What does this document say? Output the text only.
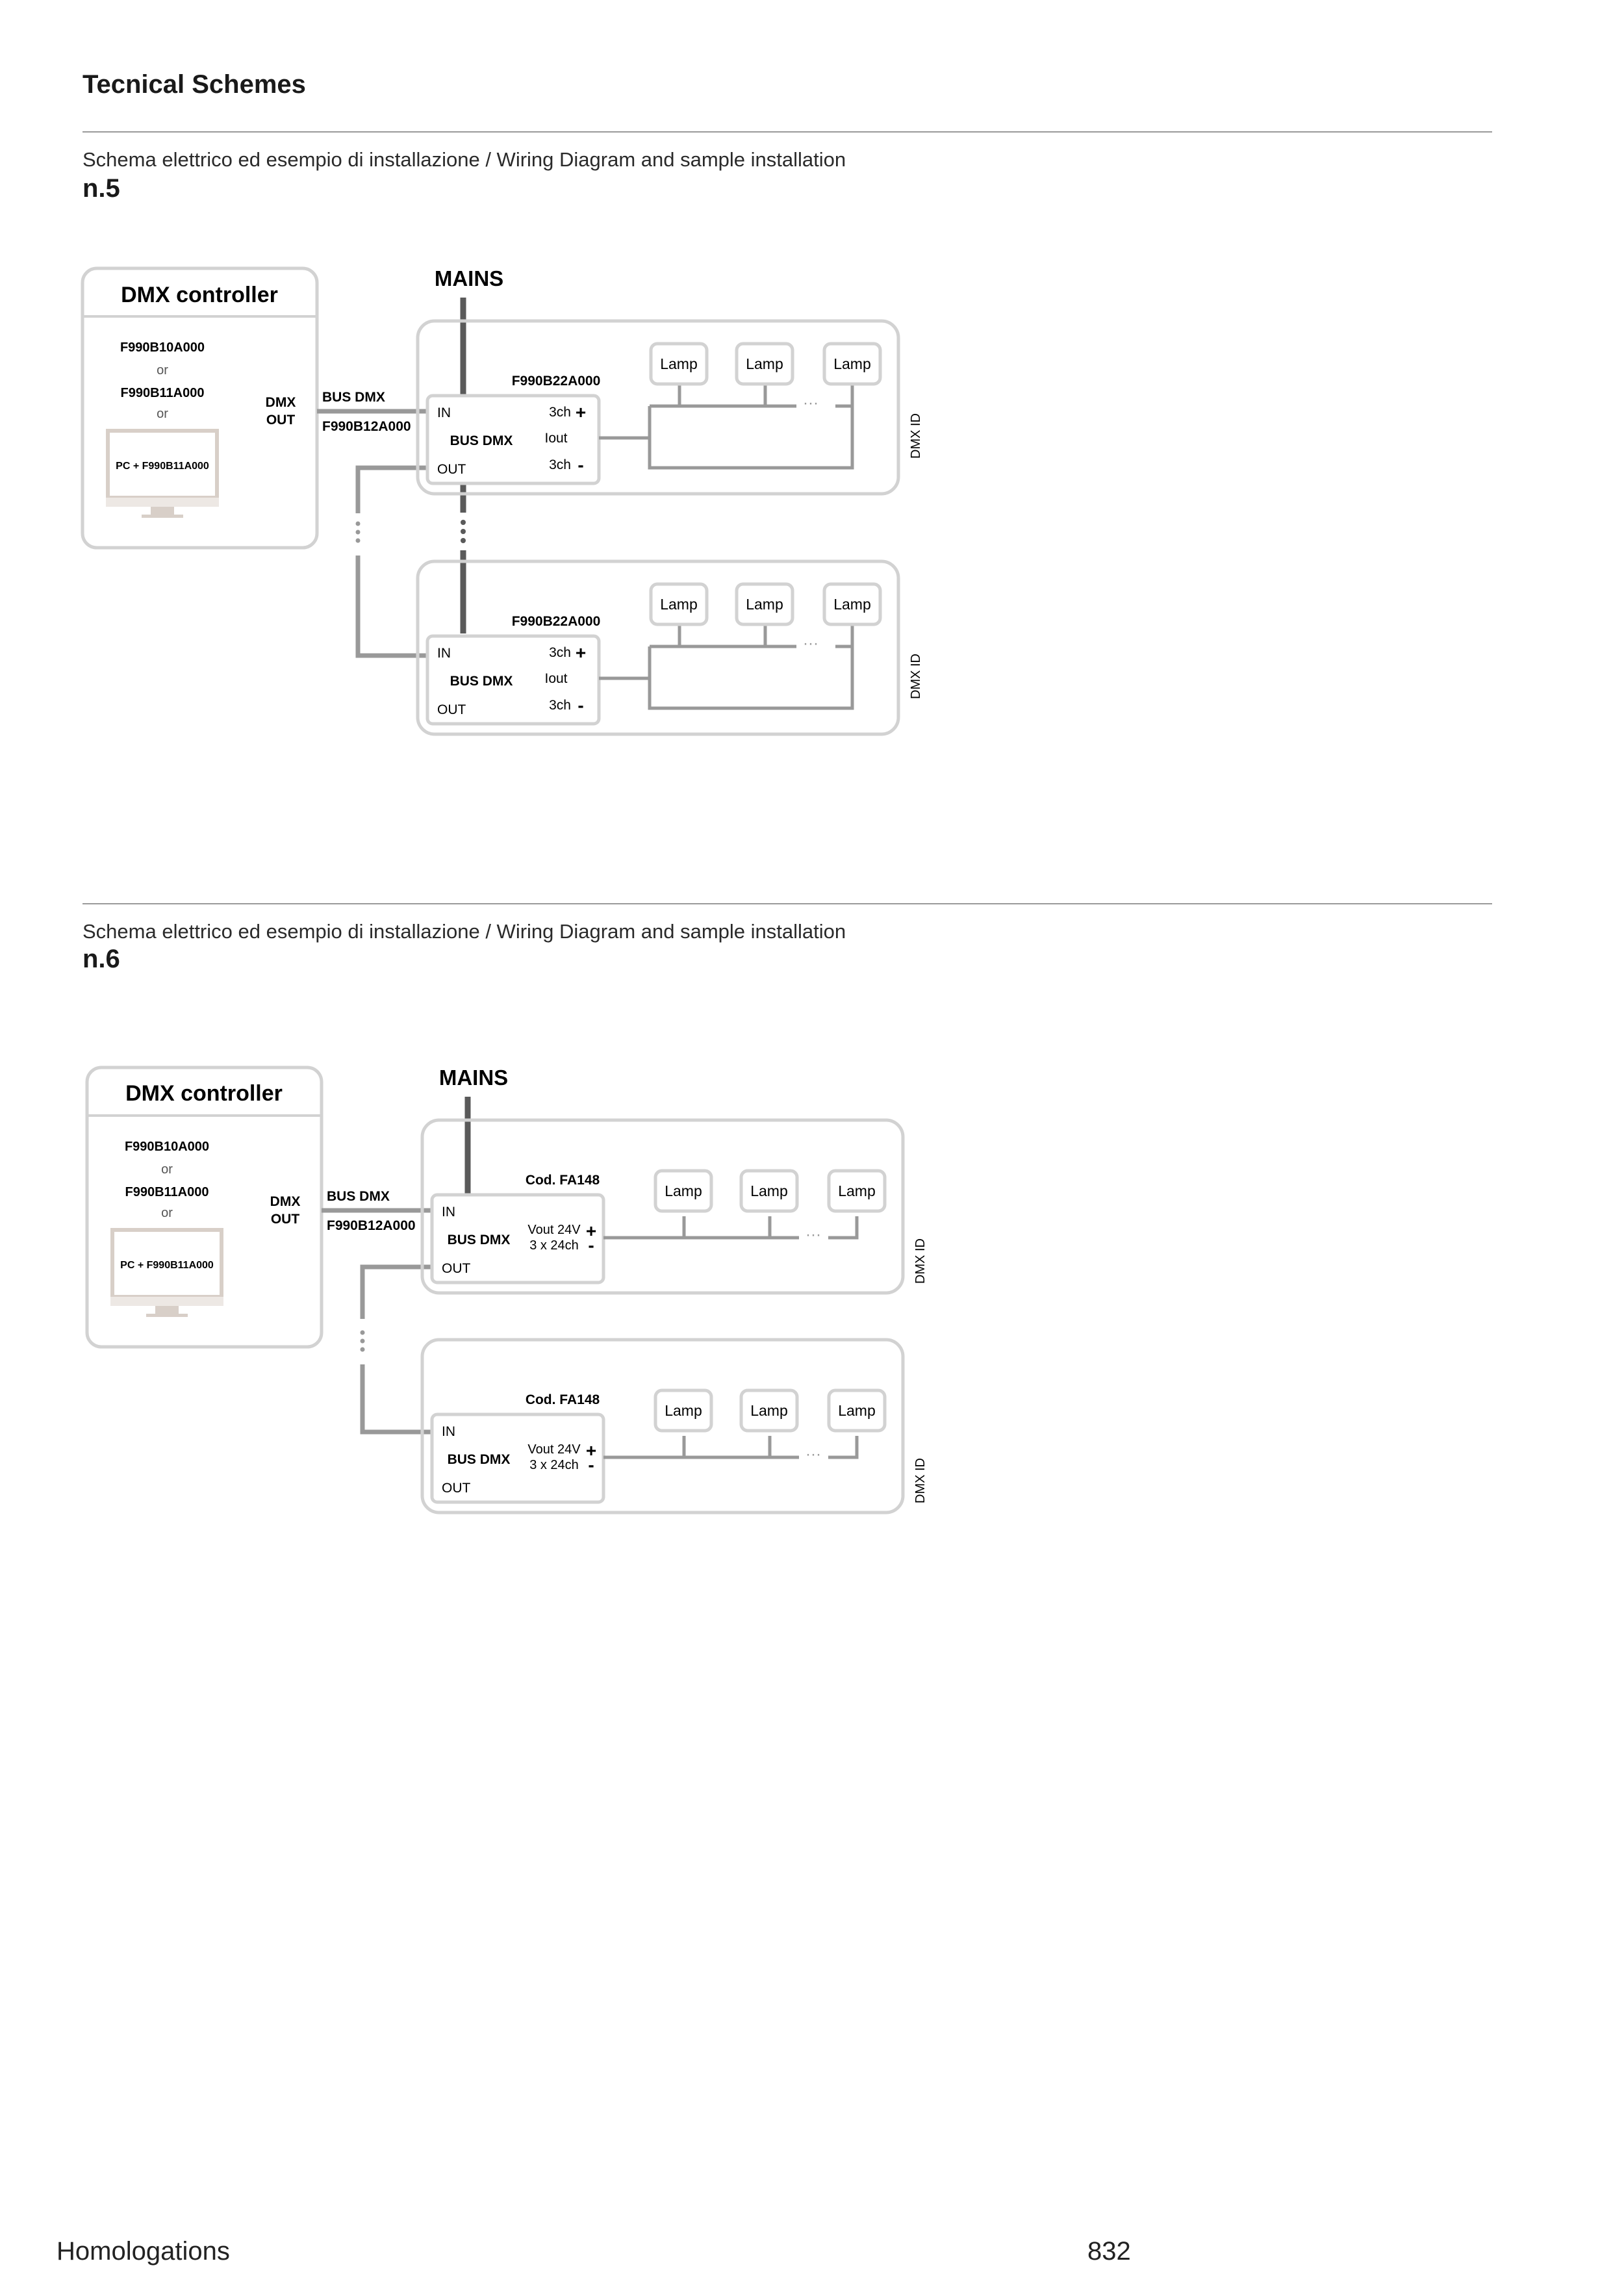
Tecnical Schemes
Schema elettrico ed esempio di installazione / Wiring Diagram and sample installation
n.5
DMX controller
F990B10A000
or
F990B11A000
or
PC + F990B11A000
DMX
OUT
BUS DMX
F990B12A000
MAINS
F990B22A000
IN
BUS DMX
OUT
3ch +
Iout
3ch -
···
Lamp	Lamp	Lamp
DMX ID
F990B22A000
IN
BUS DMX
OUT
3ch +
Iout
3ch -
···
Lamp	Lamp	Lamp
DMX ID
Schema elettrico ed esempio di installazione / Wiring Diagram and sample installation
n.6
DMX controller
F990B10A000
or
F990B11A000
or
PC + F990B11A000
DMX
OUT
BUS DMX
F990B12A000
MAINS
Cod. FA148
IN
BUS DMX
OUT
Vout 24V
3 x 24ch
+
-
···
Lamp	Lamp	Lamp
DMX ID
Cod. FA148
IN
BUS DMX
OUT
Vout 24V
3 x 24ch
+
-
···
Lamp	Lamp	Lamp
DMX ID
Homologations	832
